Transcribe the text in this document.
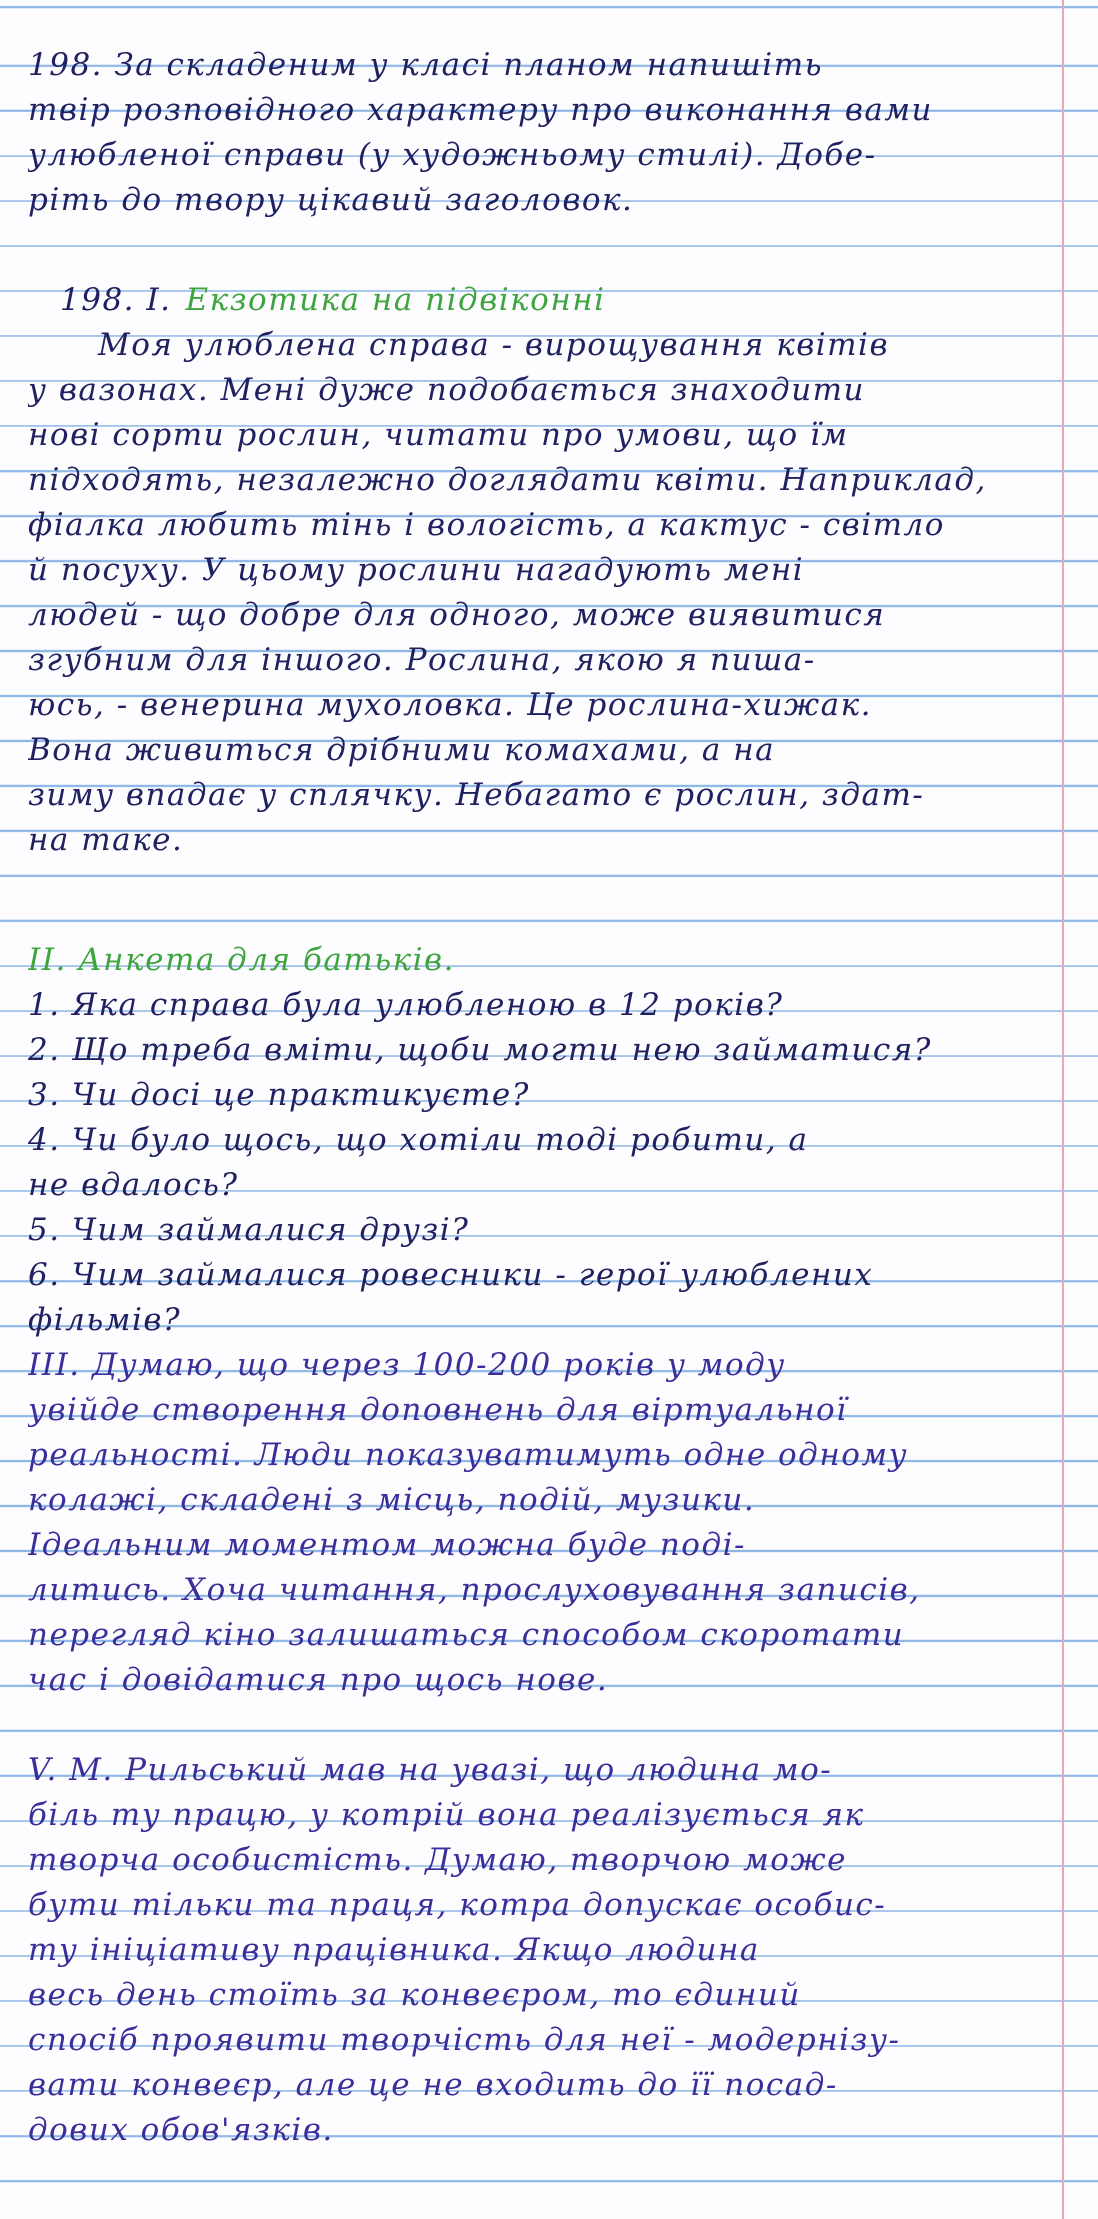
198. За складеним у класі планом напишіть
твір розповідного характеру про виконання вами
улюбленої справи (у художньому стилі). Добе-
ріть до твору цікавий заголовок.
198. I. Екзотика на підвіконні
Моя улюблена справа - вирощування квітів
у вазонах. Мені дуже подобається знаходити
нові сорти рослин, читати про умови, що їм
підходять, незалежно доглядати квіти. Наприклад,
фіалка любить тінь і вологість, а кактус - світло
й посуху. У цьому рослини нагадують мені
людей - що добре для одного, може виявитися
згубним для іншого. Рослина, якою я пиша-
юсь, - венерина мухоловка. Це рослина-хижак.
Вона живиться дрібними комахами, а на
зиму впадає у сплячку. Небагато є рослин, здат-
на таке.
II. Анкета для батьків.
1. Яка справа була улюбленою в 12 років?
2. Що треба вміти, щоби могти нею займатися?
3. Чи досі це практикуєте?
4. Чи було щось, що хотіли тоді робити, а
не вдалось?
5. Чим займалися друзі?
6. Чим займалися ровесники - герої улюблених
фільмів?
III. Думаю, що через 100-200 років у моду
увійде створення доповнень для віртуальної
реальності. Люди показуватимуть одне одному
колажі, складені з місць, подій, музики.
Ідеальним моментом можна буде поді-
литись. Хоча читання, прослуховування записів,
перегляд кіно залишаться способом скоротати
час і довідатися про щось нове.
V. М. Рильський мав на увазі, що людина мо-
біль ту працю, у котрій вона реалізується як
творча особистість. Думаю, творчою може
бути тільки та праця, котра допускає особис-
ту ініціативу працівника. Якщо людина
весь день стоїть за конвеєром, то єдиний
спосіб проявити творчість для неї - модернізу-
вати конвеєр, але це не входить до її посад-
дових обов'язків.
